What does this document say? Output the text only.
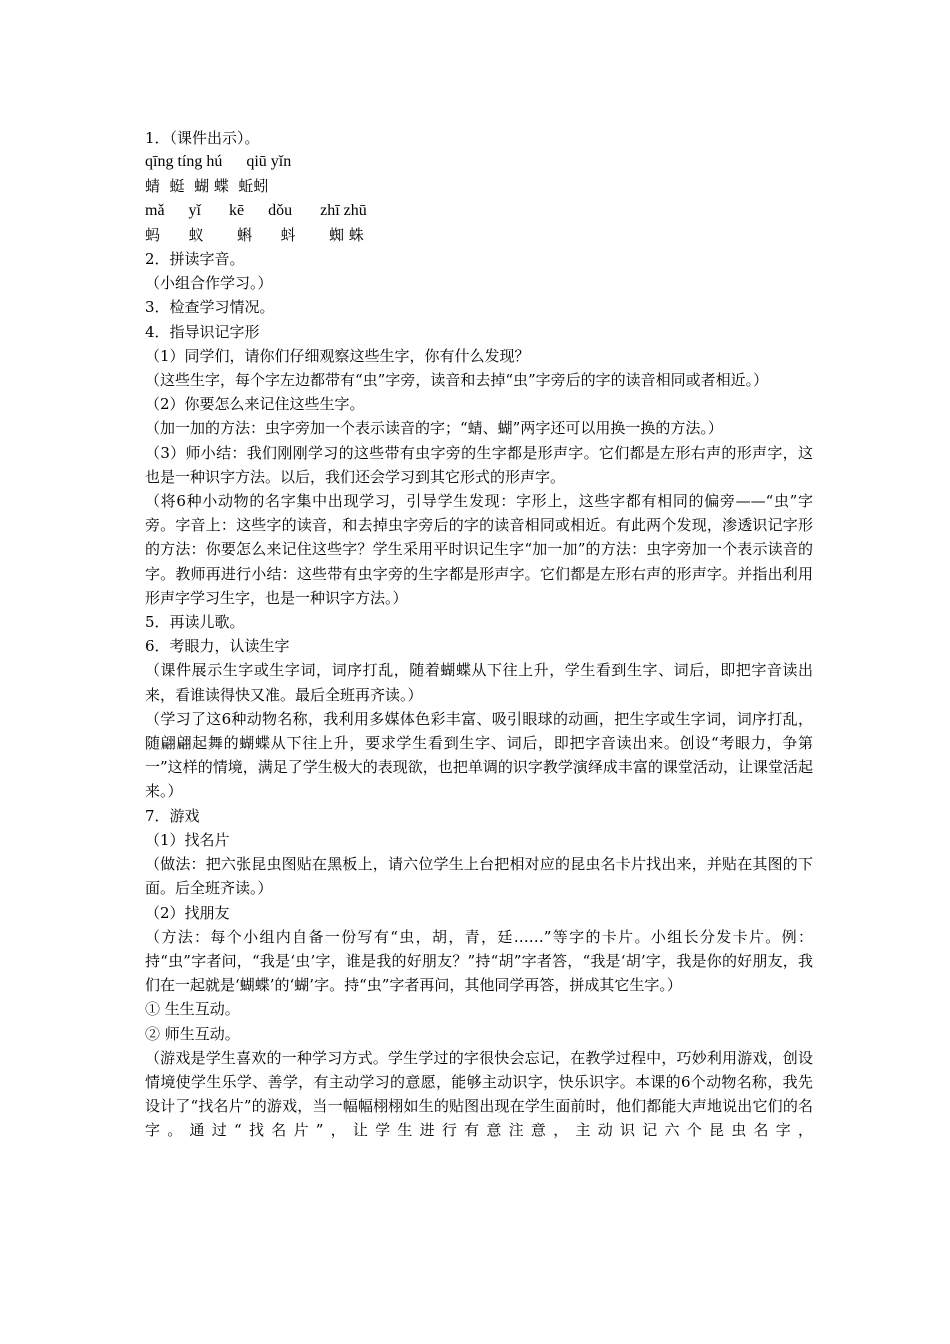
1．（课件出示）。

qīng tíng hú      qiū yǐn

蜻  蜓  蝴 蝶  蚯蚓

mǎ      yǐ       kē      dǒu       zhī zhū

蚂      蚁       蝌      蚪       蜘 蛛

2．拼读字音。

（小组合作学习。）

3．检查学习情况。

4．指导识记字形

（1）同学们，请你们仔细观察这些生字，你有什么发现？

（这些生字，每个字左边都带有“虫”字旁，读音和去掉“虫”字旁后的字的读音相同或者相近。）

（2）你要怎么来记住这些生字。

（加一加的方法：虫字旁加一个表示读音的字；“蜻、蝴”两字还可以用换一换的方法。）

（3）师小结：我们刚刚学习的这些带有虫字旁的生字都是形声字。它们都是左形右声的形声字，这也是一种识字方法。以后，我们还会学习到其它形式的形声字。

（将6种小动物的名字集中出现学习，引导学生发现：字形上，这些字都有相同的偏旁——“虫”字旁。字音上：这些字的读音，和去掉虫字旁后的字的读音相同或相近。有此两个发现，渗透识记字形的方法：你要怎么来记住这些字？学生采用平时识记生字“加一加”的方法：虫字旁加一个表示读音的字。教师再进行小结：这些带有虫字旁的生字都是形声字。它们都是左形右声的形声字。并指出利用形声字学习生字，也是一种识字方法。）

5．再读儿歌。

6．考眼力，认读生字

（课件展示生字或生字词，词序打乱，随着蝴蝶从下往上升，学生看到生字、词后，即把字音读出来，看谁读得快又准。最后全班再齐读。）

（学习了这6种动物名称，我利用多媒体色彩丰富、吸引眼球的动画，把生字或生字词，词序打乱，随翩翩起舞的蝴蝶从下往上升，要求学生看到生字、词后，即把字音读出来。创设“考眼力，争第一”这样的情境，满足了学生极大的表现欲，也把单调的识字教学演绎成丰富的课堂活动，让课堂活起来。）

7．游戏

（1）找名片

（做法：把六张昆虫图贴在黑板上，请六位学生上台把相对应的昆虫名卡片找出来，并贴在其图的下面。后全班齐读。）

（2）找朋友

（方法：每个小组内自备一份写有“虫，胡，青，廷……”等字的卡片。小组长分发卡片。例：持“虫”字者问，“我是‘虫’字，谁是我的好朋友？”持“胡”字者答，“我是‘胡’字，我是你的好朋友，我们在一起就是‘蝴蝶’的‘蝴’字。持“虫”字者再问，其他同学再答，拼成其它生字。）

① 生生互动。

② 师生互动。

（游戏是学生喜欢的一种学习方式。学生学过的字很快会忘记，在教学过程中，巧妙利用游戏，创设情境使学生乐学、善学，有主动学习的意愿，能够主动识字，快乐识字。本课的6个动物名称，我先设计了“找名片”的游戏，当一幅幅栩栩如生的贴图出现在学生面前时，他们都能大声地说出它们的名字。通过“找名片”，让学生进行有意注意，主动识记六个昆虫名字，
